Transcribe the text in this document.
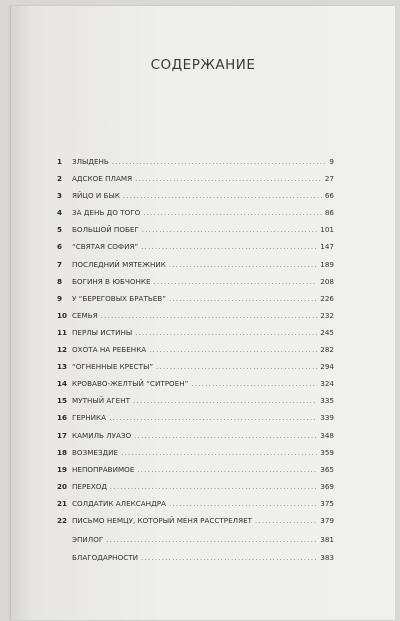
СОДЕРЖАНИЕ
1	ЗЛЫДЕНЬ .....	9
2	АДСКОЕ ПЛАМЯ .....	27
3	ЯЙЦО И БЫК .....	66
4	ЗА ДЕНЬ ДО ТОГО .....	86
5	БОЛЬШОЙ ПОБЕГ .....	101
6	“СВЯТАЯ СОФИЯ” .....	147
7	ПОСЛЕДНИЙ МЯТЕЖНИК .....	189
8	БОГИНЯ В ЮБЧОНКЕ .....	208
9	У “БЕРЕГОВЫХ БРАТЬЕВ” .....	226
10 СЕМЬЯ .....	232
11 ПЕРЛЫ ИСТИНЫ .....	245
12 ОХОТА НА РЕБЕНКА .....	282
13 “ОГНЕННЫЕ КРЕСТЫ” .....	294
14 КРОВАВО-ЖЕЛТЫЙ “СИТРОЕН” .....	324
15 МУТНЫЙ АГЕНТ .....	335
16 ГЕРНИКА .....	339
17 КАМИЛЬ ЛУАЗО .....	348
18 ВОЗМЕЗДИЕ .....	359
19 НЕПОПРАВИМОЕ .....	365
20 ПЕРЕХОД .....	369
21 СОЛДАТИК АЛЕКСАНДРА .....	375
22 ПИСЬМО НЕМЦУ, КОТОРЫЙ МЕНЯ РАССТРЕЛЯЕТ .....	379
ЭПИЛОГ .....	381
БЛАГОДАРНОСТИ .....	383
